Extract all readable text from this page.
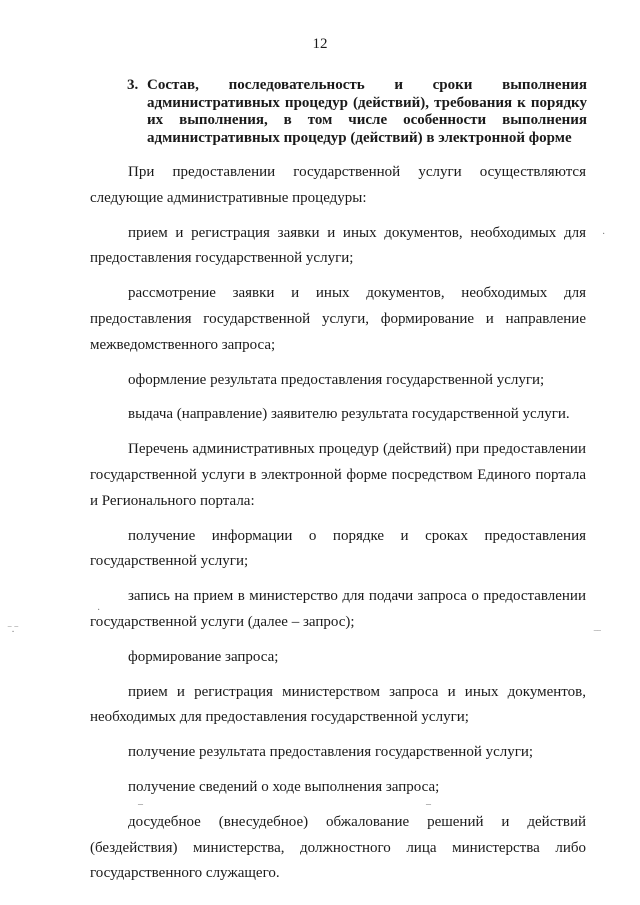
12
3. Состав, последовательность и сроки выполнения административных процедур (действий), требования к порядку их выполнения, в том числе особенности выполнения административных процедур (действий) в электронной форме

При предоставлении государственной услуги осуществляются следующие административные процедуры:

прием и регистрация заявки и иных документов, необходимых для предоставления государственной услуги;

рассмотрение заявки и иных документов, необходимых для предоставления государственной услуги, формирование и направление межведомственного запроса;

оформление результата предоставления государственной услуги;

выдача (направление) заявителю результата государственной услуги.

Перечень административных процедур (действий) при предоставлении государственной услуги в электронной форме посредством Единого портала и Регионального портала:

получение информации о порядке и сроках предоставления государственной услуги;

запись на прием в министерство для подачи запроса о предоставлении государственной услуги (далее – запрос);

формирование запроса;

прием и регистрация министерством запроса и иных документов, необходимых для предоставления государственной услуги;

получение результата предоставления государственной услуги;

получение сведений о ходе выполнения запроса;

досудебное (внесудебное) обжалование решений и действий (бездействия) министерства, должностного лица министерства либо государственного служащего.

‾·‾	‾‾
_	_
·
·
